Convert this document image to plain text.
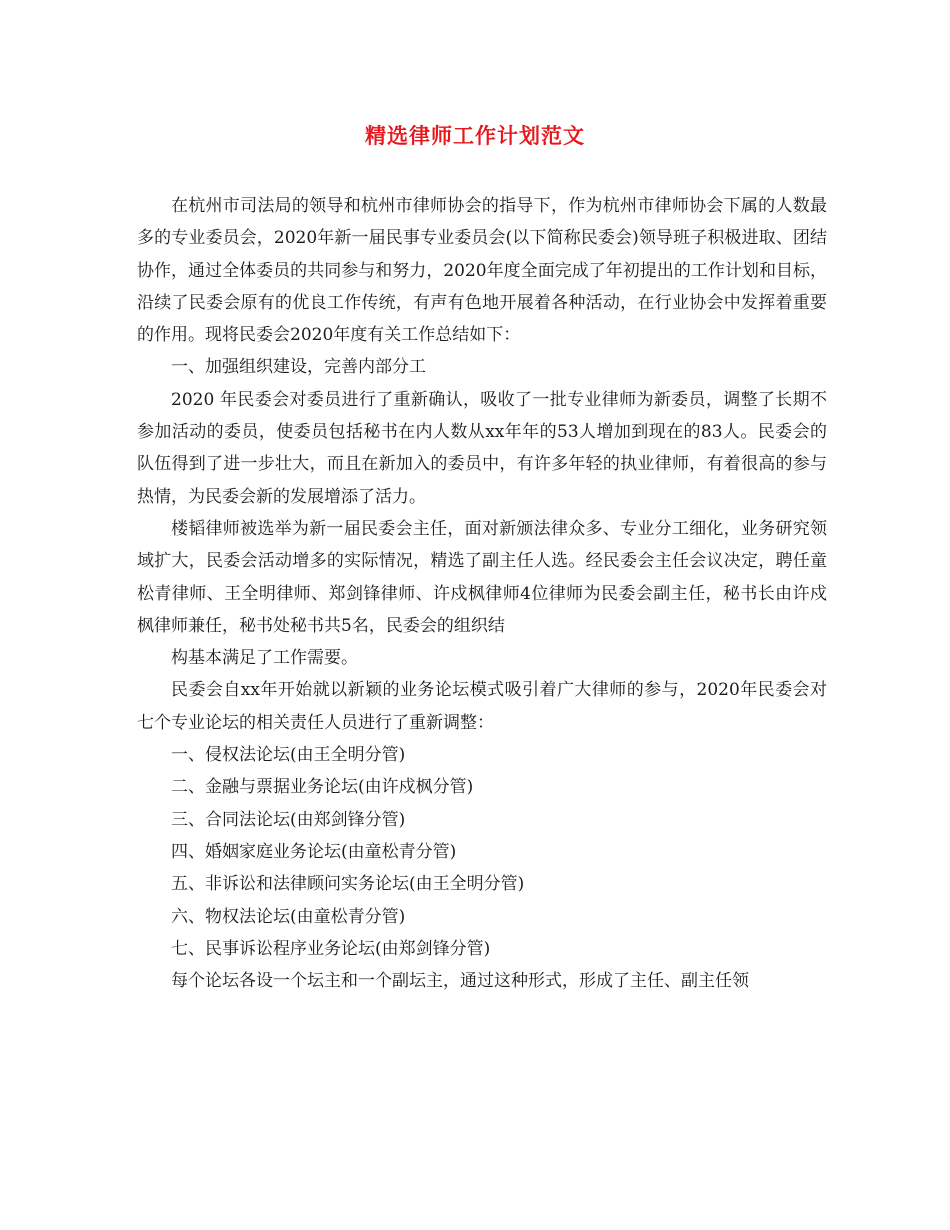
精选律师工作计划范文

在杭州市司法局的领导和杭州市律师协会的指导下，作为杭州市律师协会下属的人数最多的专业委员会，2020年新一届民事专业委员会(以下简称民委会)领导班子积极进取、团结协作，通过全体委员的共同参与和努力，2020年度全面完成了年初提出的工作计划和目标，沿续了民委会原有的优良工作传统，有声有色地开展着各种活动，在行业协会中发挥着重要的作用。现将民委会2020年度有关工作总结如下：

一、加强组织建设，完善内部分工

2020 年民委会对委员进行了重新确认，吸收了一批专业律师为新委员，调整了长期不参加活动的委员，使委员包括秘书在内人数从xx年年的53人增加到现在的83人。民委会的队伍得到了进一步壮大，而且在新加入的委员中，有许多年轻的执业律师，有着很高的参与热情，为民委会新的发展增添了活力。

楼韬律师被选举为新一届民委会主任，面对新颁法律众多、专业分工细化，业务研究领域扩大，民委会活动增多的实际情况，精选了副主任人选。经民委会主任会议决定，聘任童松青律师、王全明律师、郑剑锋律师、许戍枫律师4位律师为民委会副主任，秘书长由许戍枫律师兼任，秘书处秘书共5名，民委会的组织结

构基本满足了工作需要。

民委会自xx年开始就以新颖的业务论坛模式吸引着广大律师的参与，2020年民委会对七个专业论坛的相关责任人员进行了重新调整：

一、侵权法论坛(由王全明分管)

二、金融与票据业务论坛(由许戍枫分管)

三、合同法论坛(由郑剑锋分管)

四、婚姻家庭业务论坛(由童松青分管)

五、非诉讼和法律顾问实务论坛(由王全明分管)

六、物权法论坛(由童松青分管)

七、民事诉讼程序业务论坛(由郑剑锋分管)

每个论坛各设一个坛主和一个副坛主，通过这种形式，形成了主任、副主任领
